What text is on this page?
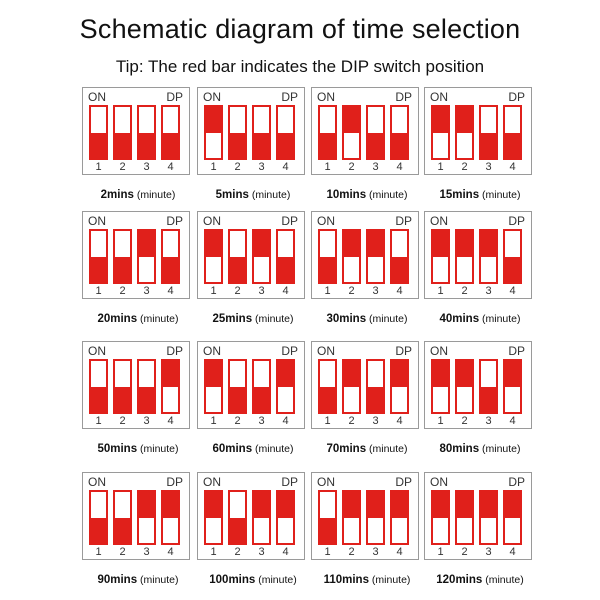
Schematic diagram of time selection
Tip: The red bar indicates the DIP switch position
ON	DP
1	2	3	4
2mins (minute)
ON	DP
1	2	3	4
5mins (minute)
ON	DP
1	2	3	4
10mins (minute)
ON	DP
1	2	3	4
15mins (minute)
ON	DP
1	2	3	4
20mins (minute)
ON	DP
1	2	3	4
25mins (minute)
ON	DP
1	2	3	4
30mins (minute)
ON	DP
1	2	3	4
40mins (minute)
ON	DP
1	2	3	4
50mins (minute)
ON	DP
1	2	3	4
60mins (minute)
ON	DP
1	2	3	4
70mins (minute)
ON	DP
1	2	3	4
80mins (minute)
ON	DP
1	2	3	4
90mins (minute)
ON	DP
1	2	3	4
100mins (minute)
ON	DP
1	2	3	4
110mins (minute)
ON	DP
1	2	3	4
120mins (minute)
